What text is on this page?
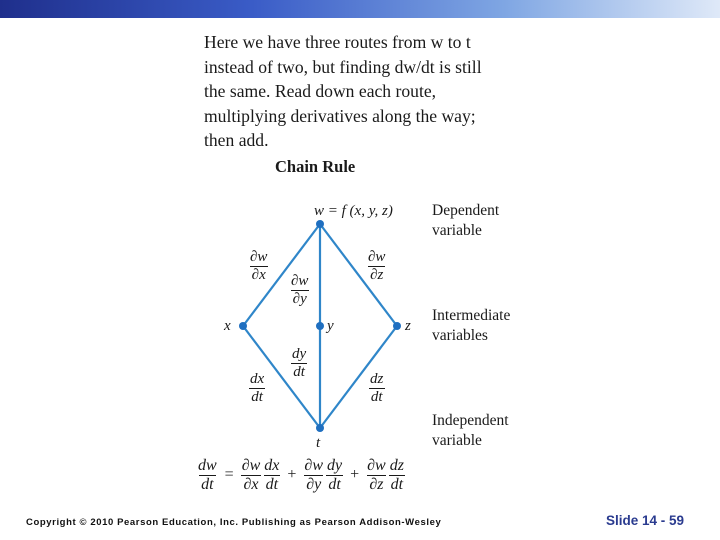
Here we have three routes from w to t

instead of two, but finding dw/dt is still

the same. Read down each route,

multiplying derivatives along the way;

then add.

Chain Rule
w = f (x, y, z)
x	y	z
t
Dependent
variable
Intermediate
variables
Independent
variable
$\frac{\partial w}{\partial x}$
$\frac{\partial w}{\partial y}$
$\frac{\partial w}{\partial z}$
$\frac{dy}{dt}$
$\frac{dx}{dt}$	$\frac{dz}{dt}$
$\frac{dw}{dt} = \frac{\partial w}{\partial x} \frac{dx}{dt} + \frac{\partial w}{\partial y} \frac{dy}{dt} + \frac{\partial w}{\partial z} \frac{dz}{dt}$
Copyright © 2010 Pearson Education, Inc. Publishing as Pearson Addison-Wesley	Slide 14 - 59
